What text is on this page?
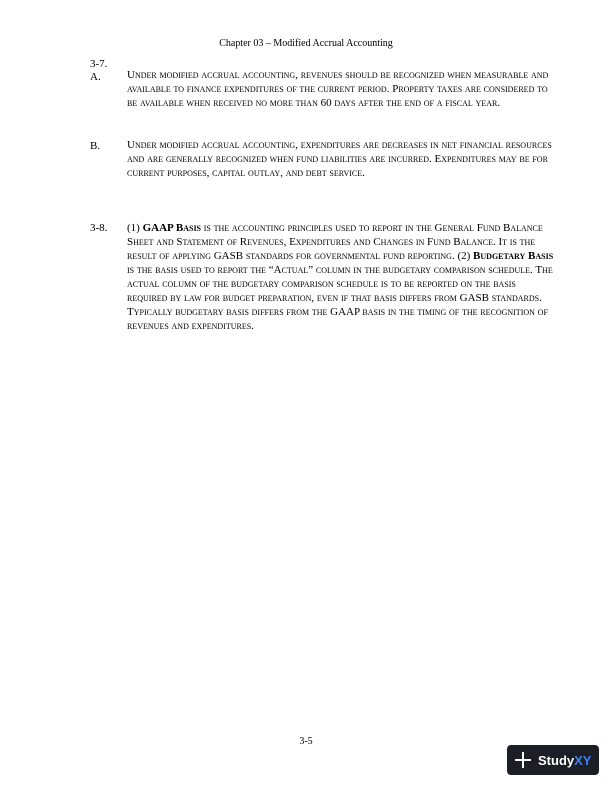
Chapter 03 – Modified Accrual Accounting
3-7.
A. Under modified accrual accounting, revenues should be recognized when measurable and available to finance expenditures of the current period. Property taxes are considered to be available when received no more than 60 days after the end of a fiscal year.
B. Under modified accrual accounting, expenditures are decreases in net financial resources and are generally recognized when fund liabilities are incurred. Expenditures may be for current purposes, capital outlay, and debt service.
3-8. (1) GAAP Basis is the accounting principles used to report in the General Fund Balance Sheet and Statement of Revenues, Expenditures and Changes in Fund Balance. It is the result of applying GASB standards for governmental fund reporting. (2) Budgetary Basis is the basis used to report the “Actual” column in the budgetary comparison schedule. The actual column of the budgetary comparison schedule is to be reported on the basis required by law for budget preparation, even if that basis differs from GASB standards. Typically budgetary basis differs from the GAAP basis in the timing of the recognition of revenues and expenditures.
3-5
StudyXY
